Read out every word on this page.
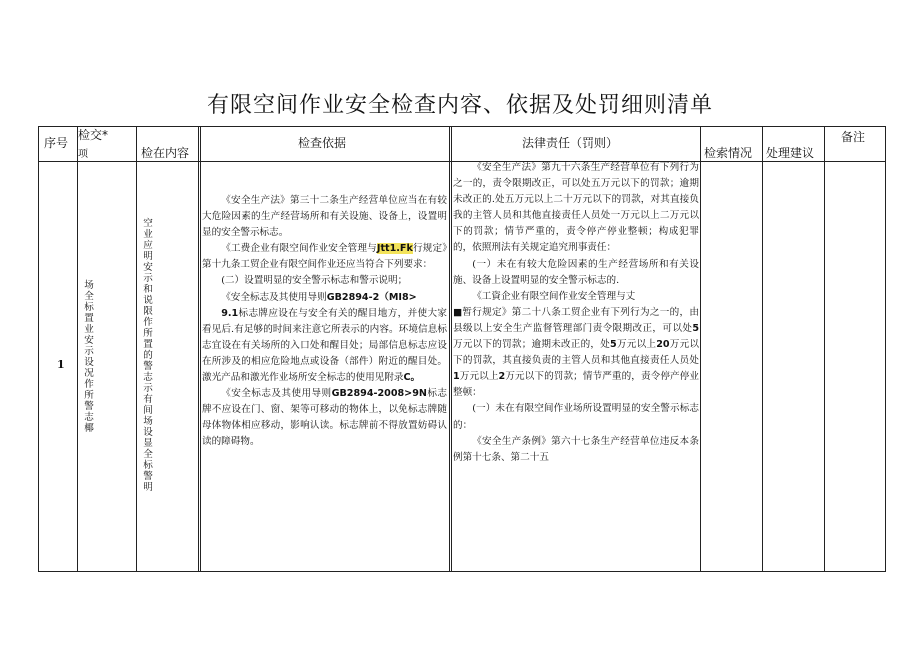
有限空间作业安全检查内容、依据及处罚细则清单
序号
检交*
项	检在内容
检查依据	法律责任（罚则）
检索情况 处理建议
备注
1
场全标置业安示设况作所警志椰
空业应明安示和说限作所置的警志示有间场设显全标警明

《安全生产法》第三十二条生产经营单位应当在有较大危险因素的生产经营场所和有关设施、设备上，设置明显的安全警示标志。

《工费企业有限空间作业安全管理与Jtt1.Fk行规定》第十九条工贸企业有限空间作业还应当符合下列要求：

(二）设置明显的安全警示标志和警示说明；

《安全标志及其使用导则GB2894-2（MI8>

9.1标志牌应设在与安全有关的醒目地方，并使大家看见后.有足够的时间来注意它所表示的内容。环境信息标志宜设在有关场所的入口处和醒目处；局部信息标志应设在所涉及的相应危险地点或设备（部件）附近的醒目处。激光产品和激光作业场所安全标志的使用见附录C。

《安全标志及其使用导则GB2894-2008>9N标志牌不应设在门、窗、架等可移动的物体上，以免标志牌随母体物体相应移动，影响认读。标志牌前不得放置妨碍认读的障碍物。

《安全生产法》第九十六条生产经营单位有下列行为之一的，责令限期改正，可以处五万元以下的罚款；逾期未改正的.处五万元以上二十万元以下的罚款，对其直接负我的主管人员和其他直接责任人员处一万元以上二万元以下的罚款；情节严重的，责令停产停业整顿；构成犯罪的，依照刑法有关规定追究刑事责任：

(一）未在有较大危险因素的生产经营场所和有关设施、设备上设置明显的安全警示标志的.

《工資企业有限空间作业安全管理与丈

■暂行规定》第二十八条工贸企业有下列行为之一的，由县级以上安全生产监督管理部门责令限期改正，可以处5万元以下的罚款；逾期未改正的，处5万元以上20万元以下的罚款，其直接负责的主管人员和其他直接责任人员处1万元以上2万元以下的罚款；情节严重的，责令停产停业整顿：

(一）未在有限空间作业场所设置明显的安全警示标志的：

《安全生产条例》第六十七条生产经营单位违反本条例第十七条、第二十五
